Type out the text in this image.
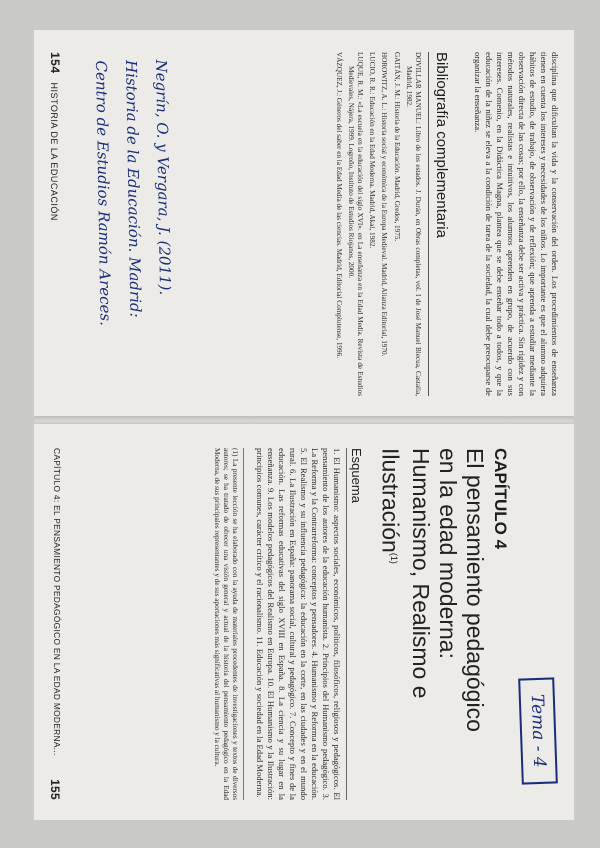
disciplina que dificultan la vida y la conservación del orden. Los procedimientos de enseñanza tienen en cuenta los intereses y necesidades de los niños. Lo importante es que el alumno adquiera hábitos de estudio, de trabajo, de observación y de reflexión; que aprenda a estudiar mediante la observación directa de las cosas; por ello, la enseñanza debe ser activa y práctica. Sin rigidez y con métodos naturales, realistas e intuitivos, los alumnos aprenden en grupo, de acuerdo con sus intereses. Comenio, en la Didáctica Magna, plantea que se debe enseñar todo a todos, y que la educación de la niñez se eleva a la condición de tarea de la sociedad, la cual debe preocuparse de organizar la enseñanza.

Bibliografía complementaria

DOVILLAR MANUEL: Libro de los estados. J. Durán, en Obras completas, vol. I de José Manuel Blecua, Castalia, Madrid, 1982.

GAITÁN, J. M.: Historia de la Educación. Madrid, Gredos, 1975.

HOROWITZ, A. L.: Historia social y económica de la Europa Medieval. Madrid, Alianza Editorial, 1970.

LUCIO, R. R.: Educación en la Edad Moderna. Madrid, Akal, 1982.

LUQUE, R. M.: «La escuela en la educación del siglo XVI». en La enseñanza en la Edad Media. Revista de Estudios Medievales, Nájera, 1999. Logroño, Instituto de Estudios Riojanos, 2000.

VÁZQUEZ, J.: Géneros del saber en la Edad Media de las ciencias. Madrid, Editorial Complutense, 1996.

Negrín, O. y Vergara, J. (2011).
Historia de la Educación. Madrid:
Centro de Estudios Ramón Areces.
154 HISTORIA DE LA EDUCACIÓN
Tema - 4
CAPÍTULO 4
El pensamiento pedagógico
en la edad moderna:
Humanismo, Realismo e Ilustración$^{(1)}$
Esquema

1. El Humanismo: aspectos sociales, económicos, políticos, filosóficos, religiosos y pedagógicos. El pensamiento de los autores de la educación humanista. 2. Principios del Humanismo pedagógico. 3. La Reforma y la Contrarreforma: conceptos y pensadores. 4. Humanismo y Reforma en la educación. 5. El Realismo y su influencia pedagógica: la educación en la corte, en las ciudades y en el mundo rural. 6. La Ilustración en España: panorama social, cultural y pedagógico. 7. Concepto y fines de la educación. Las reformas educativas del siglo XVIII en España. 8. La ciencia y su lugar en la enseñanza. 9. Los modelos pedagógicos del Realismo en Europa. 10. El Humanismo y la Ilustración: principios comunes, carácter crítico y el racionalismo. 11. Educación y sociedad en la Edad Moderna.

(1) La presente lección se ha elaborado con la ayuda de materiales procedentes de investigaciones y textos de diversos autores; se ha tratado de ofrecer una visión general y actual de la historia del pensamiento pedagógico en la Edad Moderna, de sus principales representantes y de sus aportaciones más significativas al humanismo y la cultura.
CAPÍTULO 4: EL PENSAMIENTO PEDAGÓGICO EN LA EDAD MODERNA...
155
